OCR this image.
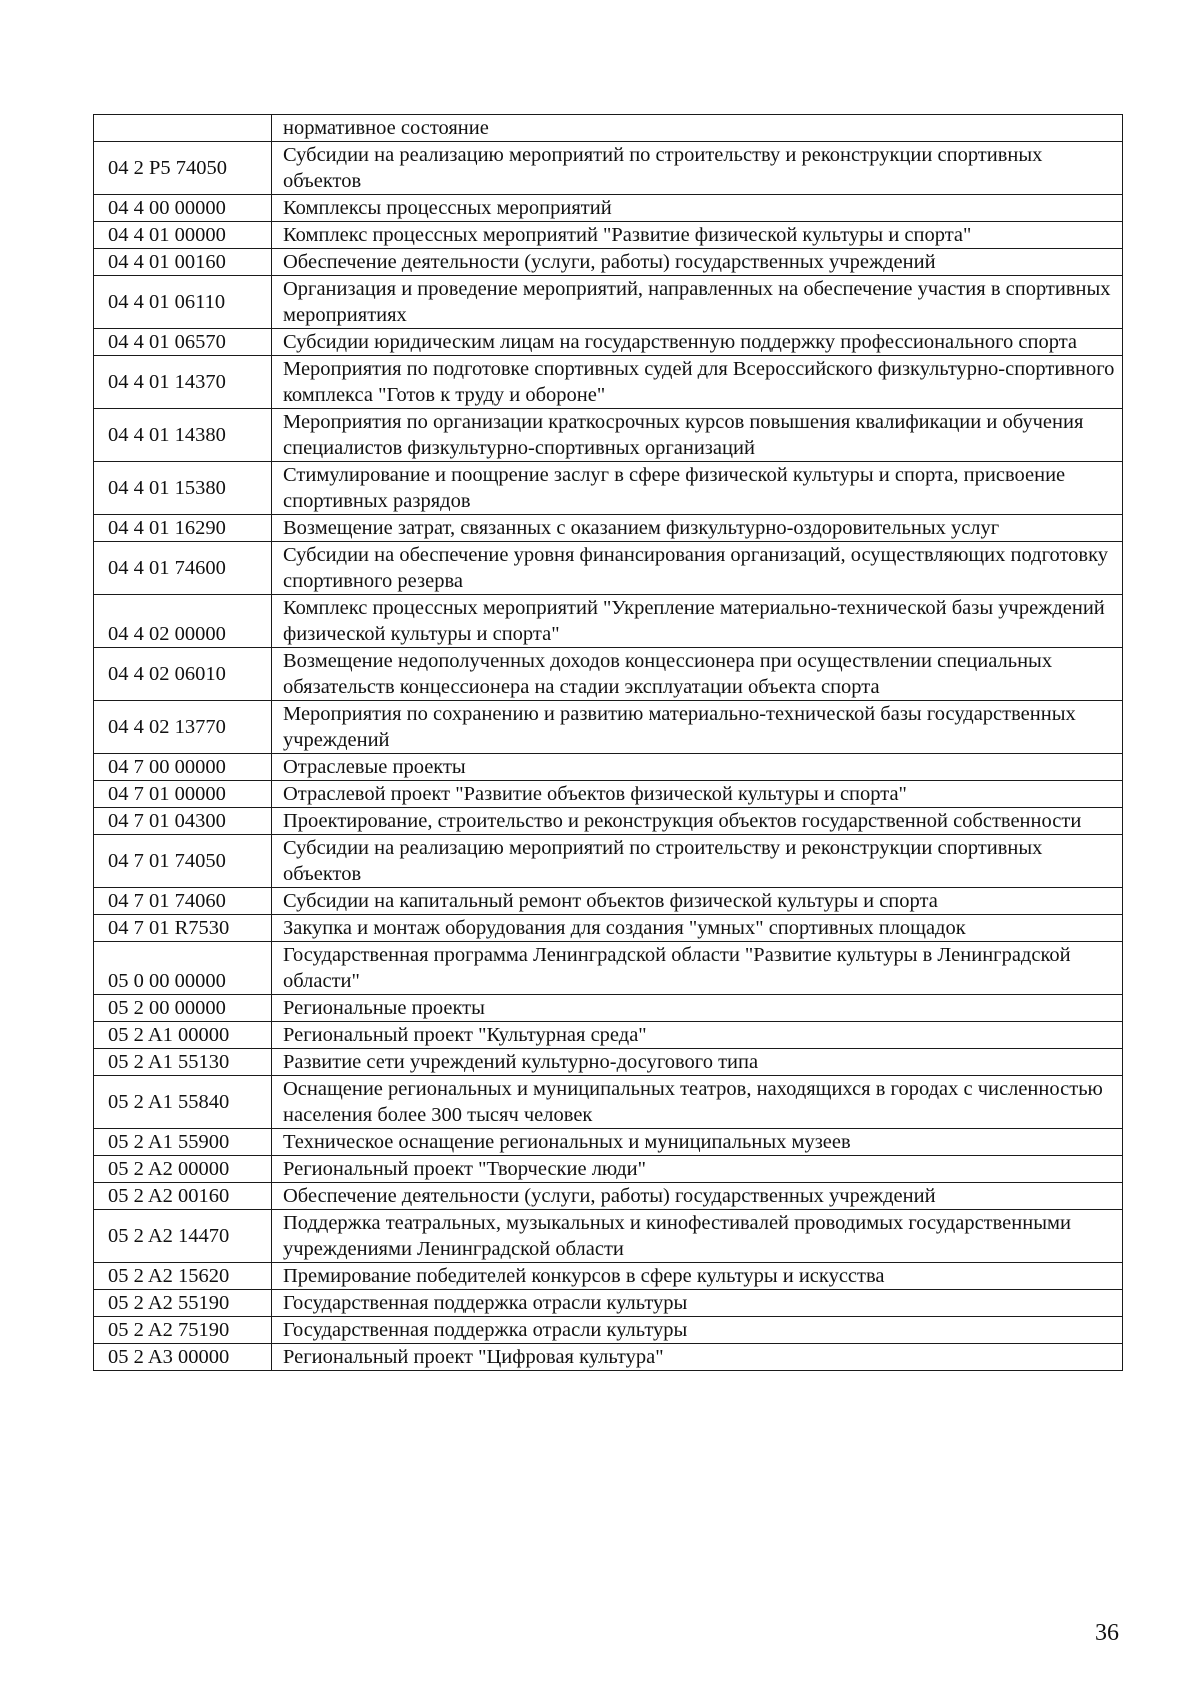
	нормативное состояние
04 2 P5 74050	Субсидии на реализацию мероприятий по строительству и реконструкции спортивных объектов
04 4 00 00000	Комплексы процессных мероприятий
04 4 01 00000	Комплекс процессных мероприятий "Развитие физической культуры и спорта"
04 4 01 00160	Обеспечение деятельности (услуги, работы) государственных учреждений
04 4 01 06110	Организация и проведение мероприятий, направленных на обеспечение участия в спортивных мероприятиях
04 4 01 06570	Субсидии юридическим лицам на государственную поддержку профессионального спорта
04 4 01 14370	Мероприятия по подготовке спортивных судей для Всероссийского физкультурно-спортивного комплекса "Готов к труду и обороне"
04 4 01 14380	Мероприятия по организации краткосрочных курсов повышения квалификации и обучения специалистов физкультурно-спортивных организаций
04 4 01 15380	Стимулирование и поощрение заслуг в сфере физической культуры и спорта, присвоение спортивных разрядов
04 4 01 16290	Возмещение затрат, связанных с оказанием физкультурно-оздоровительных услуг
04 4 01 74600	Субсидии на обеспечение уровня финансирования организаций, осуществляющих подготовку спортивного резерва
04 4 02 00000	Комплекс процессных мероприятий "Укрепление материально-технической базы учреждений физической культуры и спорта"
04 4 02 06010	Возмещение недополученных доходов концессионера при осуществлении специальных обязательств концессионера на стадии эксплуатации объекта спорта
04 4 02 13770	Мероприятия по сохранению и развитию материально-технической базы государственных учреждений
04 7 00 00000	Отраслевые проекты
04 7 01 00000	Отраслевой проект "Развитие объектов физической культуры и спорта"
04 7 01 04300	Проектирование, строительство и реконструкция объектов государственной собственности
04 7 01 74050	Субсидии на реализацию мероприятий по строительству и реконструкции спортивных объектов
04 7 01 74060	Субсидии на капитальный ремонт объектов физической культуры и спорта
04 7 01 R7530	Закупка и монтаж оборудования для создания "умных" спортивных площадок
05 0 00 00000	Государственная программа Ленинградской области "Развитие культуры в Ленинградской области"
05 2 00 00000	Региональные проекты
05 2 A1 00000	Региональный проект "Культурная среда"
05 2 A1 55130	Развитие сети учреждений культурно-досугового типа
05 2 A1 55840	Оснащение региональных и муниципальных театров, находящихся в городах с численностью населения более 300 тысяч человек
05 2 A1 55900	Техническое оснащение региональных и муниципальных музеев
05 2 A2 00000	Региональный проект "Творческие люди"
05 2 A2 00160	Обеспечение деятельности (услуги, работы) государственных учреждений
05 2 A2 14470	Поддержка театральных, музыкальных и кинофестивалей проводимых государственными учреждениями Ленинградской области
05 2 A2 15620	Премирование победителей конкурсов в сфере культуры и искусства
05 2 A2 55190	Государственная поддержка отрасли культуры
05 2 A2 75190	Государственная поддержка отрасли культуры
05 2 A3 00000	Региональный проект "Цифровая культура"
36
